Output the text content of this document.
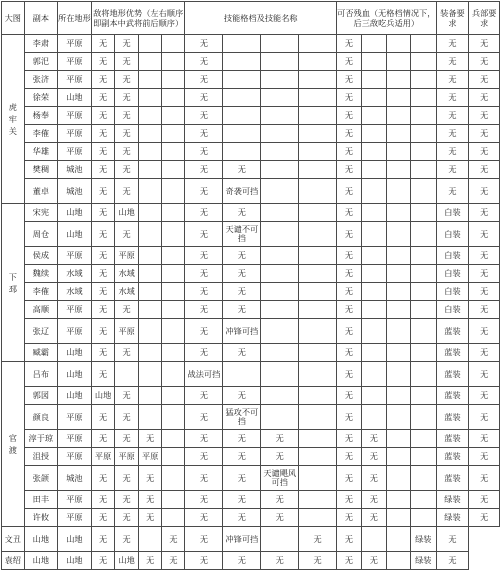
大图	副本	所在地形	敌将地形优势（左右顺序即副本中武将前后顺序）				技能格档及技能名称				可否残血（无格档情况下，后三敌吃兵适用）				装备要求	兵部要求
虎牢关	李肃	平原	无	无			无				无				无	无
	郭汜	平原	无	无			无				无				无	无
	张济	平原	无	无			无				无				无	无
	徐荣	山地	无	无			无				无				无	无
	杨奉	平原	无	无			无				无				无	无
	李傕	平原	无	无			无				无				无	无
	华雄	平原	无	无			无				无				无	无
	樊稠	城池	无	无			无	无			无				无	无
	董卓	城池	无	无			无	奇袭可挡			无				无	无
下邳	宋宪	山地	无	山地			无	无			无				白装	无
	周仓	山地	无	无			无	天谴不可挡			无				白装	无
	侯成	平原	无	平原			无	无			无				白装	无
	魏续	水域	无	水域			无	无			无				白装	无
	李傕	水域	无	水域			无	无			无				白装	无
	高顺	平原	无	无			无	无			无				白装	无
	张辽	平原	无	平原			无	冲锋可挡			无				蓝装	无
	臧霸	山地	无	无			无	无			无				蓝装	无
官渡	吕布	山地	无				战法可挡				无				蓝装	无
	郭図	山地	山地	无			无	无			无				蓝装	无
	颜良	平原	无	无			无	猛攻不可挡			无				蓝装	无
	淳于琼	平原	无	无	无		无	无	无		无	无			蓝装	无
	沮授	平原	平原	平原	平原		无	无	无		无	无			蓝装	无
	张颌	城池	无	无	无		无	无	天谴飓风 可挡		无	无			蓝装	无
	田丰	平原	无	无	无		无	无	无		无	无			绿装	无
	许攸	平原	无	无	无		无	无	无		无	无			绿装	无
文丑	山地	山地	无	无		无	无	冲锋可挡		无	无			绿装	无	
袁绍	山地	山地	无	山地	无	无	无	无	无	无	无	无		绿装	无	
